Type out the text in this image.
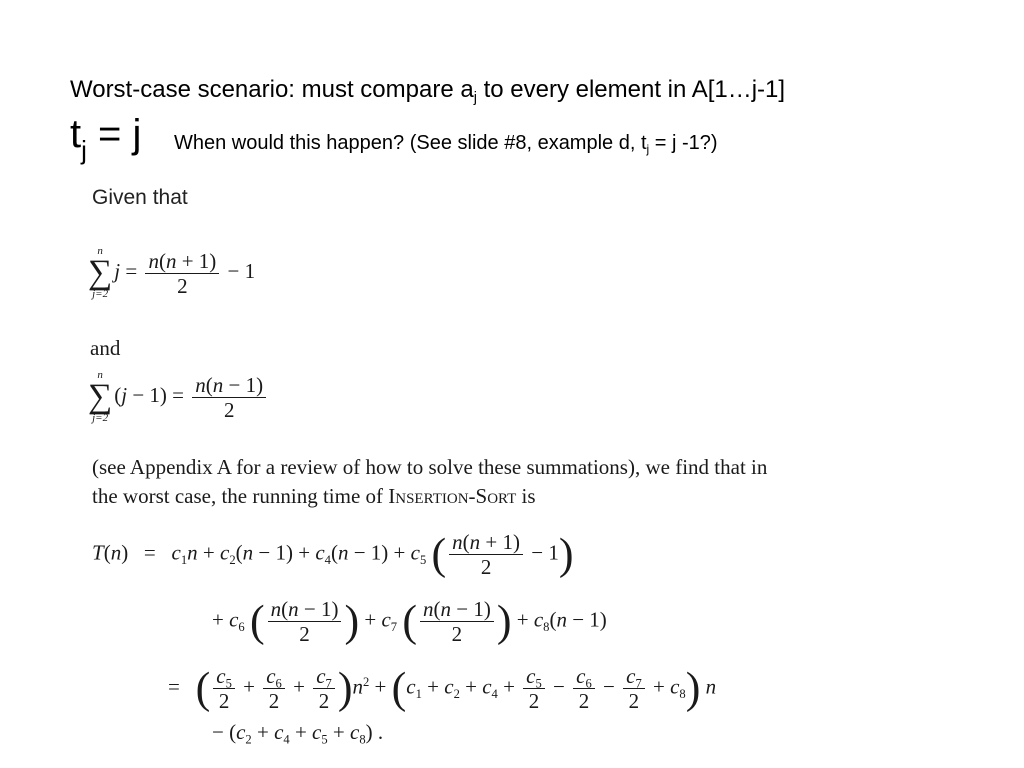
Worst-case scenario: must compare $a_j$ to every element in A[1…j-1]
$t_j = j$ When would this happen? (See slide #8, example d, $t_j = j$ -1?)
Given that
n
∑
j=2
$j = \frac{n(n + 1)}{2} - 1$
and
n
∑
j=2
$(j - 1) = \frac{n(n - 1)}{2}$
(see Appendix A for a review of how to solve these summations), we find that in
the worst case, the running time of Insertion-Sort is
$T(n) = c_1n + c_2(n - 1) + c_4(n - 1) + c_5$ ( $\frac{n(n + 1)}{2} - 1$)
+ $c_6$ ( $\frac{n(n - 1)}{2}$ ) + $c_7$ ( $\frac{n(n - 1)}{2}$ ) + $c_8(n - 1)$
=   ( $\frac{c_5}{2} + \frac{c_6}{2} + \frac{c_7}{2} )n^2 + (c_1 + c_2 + c_4 + \frac{c_5}{2} - \frac{c_6}{2} - \frac{c_7}{2} + c_8)$ n
− $(c_2 + c_4 + c_5 + c_8)$ .
